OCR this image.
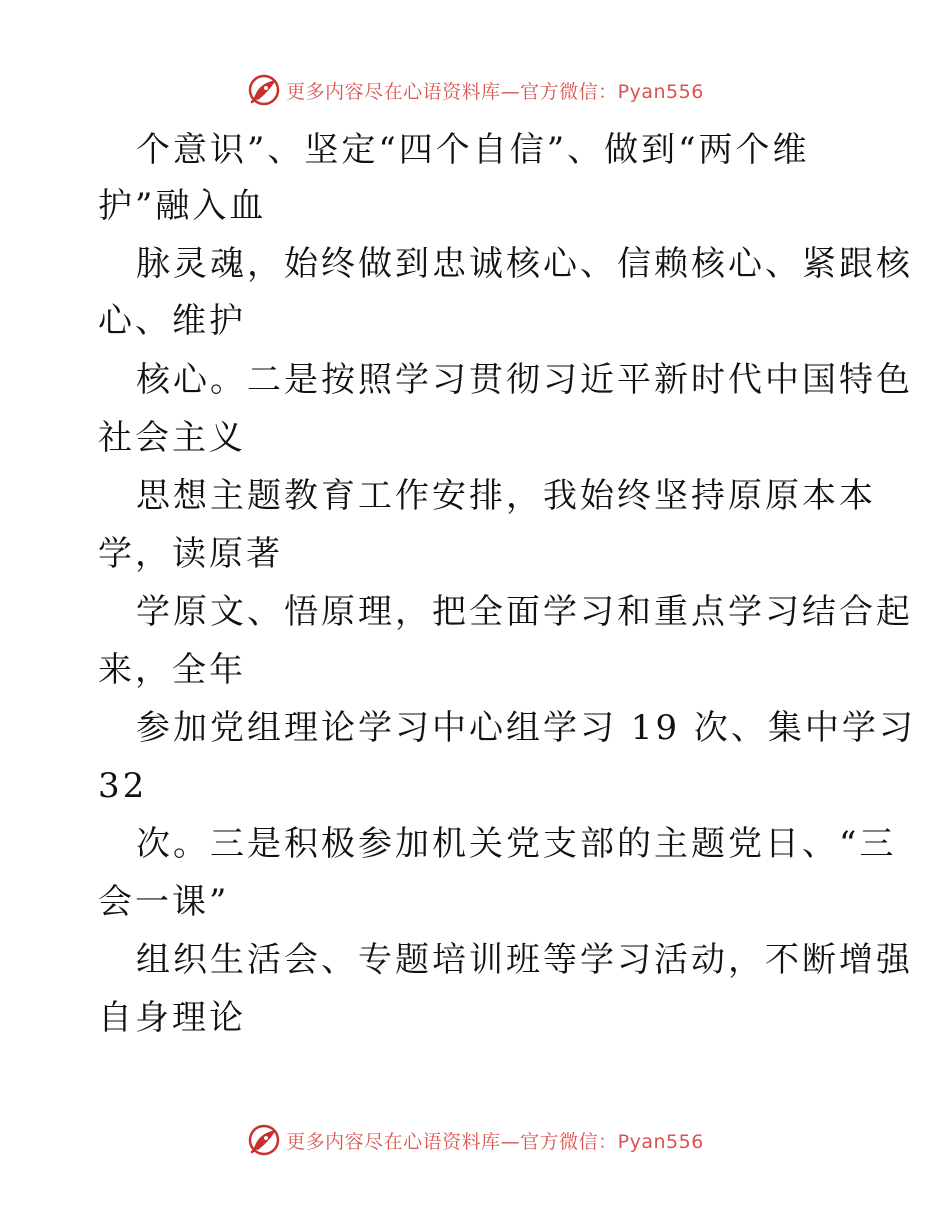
更多内容尽在心语资料库—官方微信：Pyan556
个意识”、坚定“四个自信”、做到“两个维
护”融入血
脉灵魂，始终做到忠诚核心、信赖核心、紧跟核
心、维护
核心。二是按照学习贯彻习近平新时代中国特色
社会主义
思想主题教育工作安排，我始终坚持原原本本
学，读原著
学原文、悟原理，把全面学习和重点学习结合起
来，全年
参加党组理论学习中心组学习 19 次、集中学习
32
次。三是积极参加机关党支部的主题党日、“三
会一课”
组织生活会、专题培训班等学习活动，不断增强
自身理论
更多内容尽在心语资料库—官方微信：Pyan556
